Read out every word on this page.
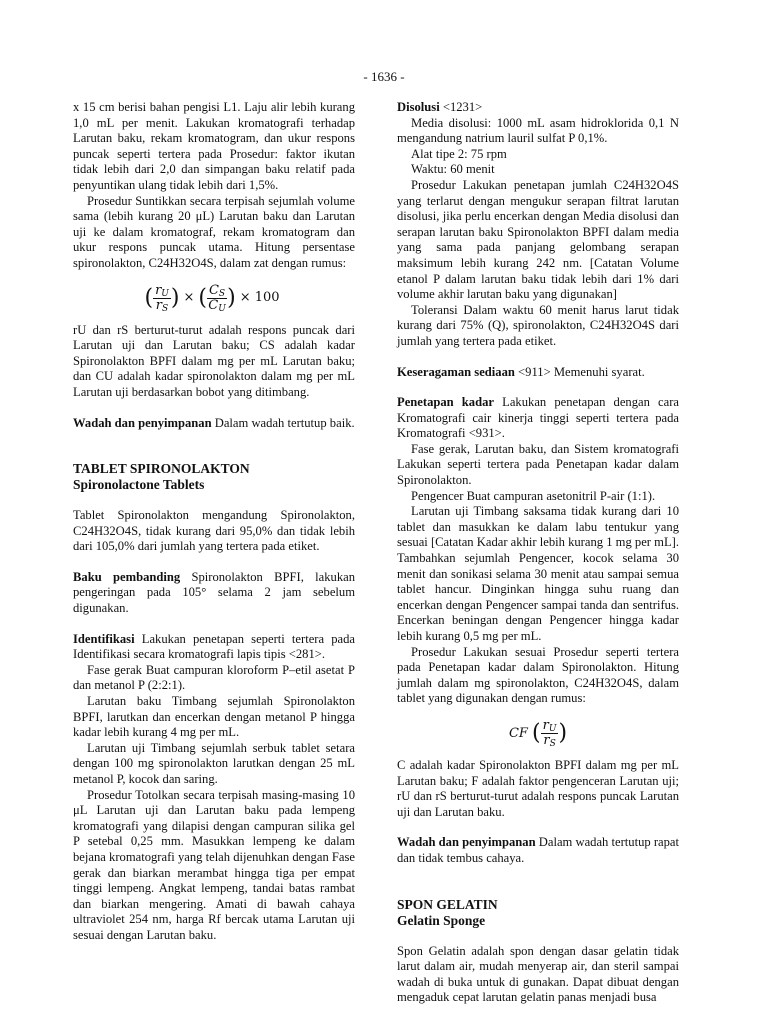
- 1636 -

x 15 cm berisi bahan pengisi L1. Laju alir lebih kurang 1,0 mL per menit. Lakukan kromatografi terhadap Larutan baku, rekam kromatogram, dan ukur respons puncak seperti tertera pada Prosedur: faktor ikutan tidak lebih dari 2,0 dan simpangan baku relatif pada penyuntikan ulang tidak lebih dari 1,5%.

Prosedur Suntikkan secara terpisah sejumlah volume sama (lebih kurang 20 μL) Larutan baku dan Larutan uji ke dalam kromatograf, rekam kromatogram dan ukur respons puncak utama. Hitung persentase spironolakton, C24H32O4S, dalam zat dengan rumus:

( $\frac{r_U}{r_S}$ ) × ( $\frac{C_S}{C_U}$ ) × 100

rU dan rS berturut-turut adalah respons puncak dari Larutan uji dan Larutan baku; CS adalah kadar Spironolakton BPFI dalam mg per mL Larutan baku; dan CU adalah kadar spironolakton dalam mg per mL Larutan uji berdasarkan bobot yang ditimbang.

Wadah dan penyimpanan Dalam wadah tertutup baik.

TABLET SPIRONOLAKTON
Spironolactone Tablets

Tablet Spironolakton mengandung Spironolakton, C24H32O4S, tidak kurang dari 95,0% dan tidak lebih dari 105,0% dari jumlah yang tertera pada etiket.

Baku pembanding Spironolakton BPFI, lakukan pengeringan pada 105° selama 2 jam sebelum digunakan.

Identifikasi Lakukan penetapan seperti tertera pada Identifikasi secara kromatografi lapis tipis <281>.

Fase gerak Buat campuran kloroform P–etil asetat P dan metanol P (2:2:1).

Larutan baku Timbang sejumlah Spironolakton BPFI, larutkan dan encerkan dengan metanol P hingga kadar lebih kurang 4 mg per mL.

Larutan uji Timbang sejumlah serbuk tablet setara dengan 100 mg spironolakton larutkan dengan 25 mL metanol P, kocok dan saring.

Prosedur Totolkan secara terpisah masing-masing 10 μL Larutan uji dan Larutan baku pada lempeng kromatografi yang dilapisi dengan campuran silika gel P setebal 0,25 mm. Masukkan lempeng ke dalam bejana kromatografi yang telah dijenuhkan dengan Fase gerak dan biarkan merambat hingga tiga per empat tinggi lempeng. Angkat lempeng, tandai batas rambat dan biarkan mengering. Amati di bawah cahaya ultraviolet 254 nm, harga Rf bercak utama Larutan uji sesuai dengan Larutan baku.

Disolusi <1231>

Media disolusi: 1000 mL asam hidroklorida 0,1 N mengandung natrium lauril sulfat P 0,1%.

Alat tipe 2: 75 rpm

Waktu: 60 menit

Prosedur Lakukan penetapan jumlah C24H32O4S yang terlarut dengan mengukur serapan filtrat larutan disolusi, jika perlu encerkan dengan Media disolusi dan serapan larutan baku Spironolakton BPFI dalam media yang sama pada panjang gelombang serapan maksimum lebih kurang 242 nm. [Catatan Volume etanol P dalam larutan baku tidak lebih dari 1% dari volume akhir larutan baku yang digunakan]

Toleransi Dalam waktu 60 menit harus larut tidak kurang dari 75% (Q), spironolakton, C24H32O4S dari jumlah yang tertera pada etiket.

Keseragaman sediaan <911> Memenuhi syarat.

Penetapan kadar Lakukan penetapan dengan cara Kromatografi cair kinerja tinggi seperti tertera pada Kromatografi <931>.

Fase gerak, Larutan baku, dan Sistem kromatografi Lakukan seperti tertera pada Penetapan kadar dalam Spironolakton.

Pengencer Buat campuran asetonitril P-air (1:1).

Larutan uji Timbang saksama tidak kurang dari 10 tablet dan masukkan ke dalam labu tentukur yang sesuai [Catatan Kadar akhir lebih kurang 1 mg per mL]. Tambahkan sejumlah Pengencer, kocok selama 30 menit dan sonikasi selama 30 menit atau sampai semua tablet hancur. Dinginkan hingga suhu ruang dan encerkan dengan Pengencer sampai tanda dan sentrifus. Encerkan beningan dengan Pengencer hingga kadar lebih kurang 0,5 mg per mL.

Prosedur Lakukan sesuai Prosedur seperti tertera pada Penetapan kadar dalam Spironolakton. Hitung jumlah dalam mg spironolakton, C24H32O4S, dalam tablet yang digunakan dengan rumus:

CF ( $\frac{r_U}{r_S}$ )

C adalah kadar Spironolakton BPFI dalam mg per mL Larutan baku; F adalah faktor pengenceran Larutan uji; rU dan rS berturut-turut adalah respons puncak Larutan uji dan Larutan baku.

Wadah dan penyimpanan Dalam wadah tertutup rapat dan tidak tembus cahaya.

SPON GELATIN
Gelatin Sponge

Spon Gelatin adalah spon dengan dasar gelatin tidak larut dalam air, mudah menyerap air, dan steril sampai wadah di buka untuk di gunakan. Dapat dibuat dengan mengaduk cepat larutan gelatin panas menjadi busa
